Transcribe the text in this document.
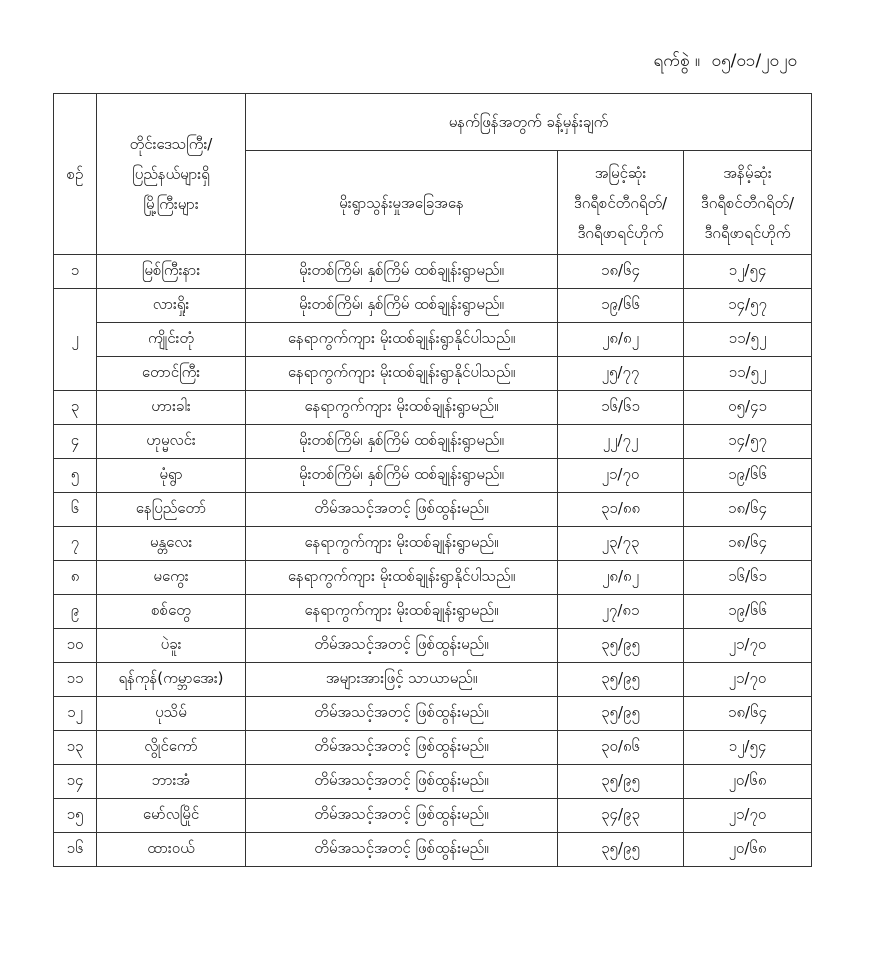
ရက်စွဲ ။ ၀၅/၀၁/၂၀၂၀
စဉ်	တိုင်းဒေသကြီး/
ပြည်နယ်များရှိ
မြို့ကြီးများ	မနက်ဖြန်အတွက် ခန့်မှန်းချက်		
		မိုးရွာသွန်းမှုအခြေအနေ	အမြင့်ဆုံး
ဒီဂရီစင်တီဂရိတ်/
ဒီဂရီဖာရင်ဟိုက်	အနိမ့်ဆုံး
ဒီဂရီစင်တီဂရိတ်/
ဒီဂရီဖာရင်ဟိုက်

၁	မြစ်ကြီးနား	မိုးတစ်ကြိမ်၊ နှစ်ကြိမ် ထစ်ချုန်းရွာမည်။	၁၈/၆၄	၁၂/၅၄
၂	လားရှိုး	မိုးတစ်ကြိမ်၊ နှစ်ကြိမ် ထစ်ချုန်းရွာမည်။	၁၉/၆၆	၁၄/၅၇
	ကျိုင်းတုံ	နေရာကွက်ကျား မိုးထစ်ချုန်းရွာနိုင်ပါသည်။	၂၈/၈၂	၁၁/၅၂
	တောင်ကြီး	နေရာကွက်ကျား မိုးထစ်ချုန်းရွာနိုင်ပါသည်။	၂၅/၇၇	၁၁/၅၂
၃	ဟားခါး	နေရာကွက်ကျား မိုးထစ်ချုန်းရွာမည်။	၁၆/၆၁	၀၅/၄၁
၄	ဟုမ္မလင်း	မိုးတစ်ကြိမ်၊ နှစ်ကြိမ် ထစ်ချုန်းရွာမည်။	၂၂/၇၂	၁၄/၅၇
၅	မုံရွာ	မိုးတစ်ကြိမ်၊ နှစ်ကြိမ် ထစ်ချုန်းရွာမည်။	၂၁/၇၀	၁၉/၆၆
၆	နေပြည်တော်	တိမ်အသင့်အတင့် ဖြစ်ထွန်းမည်။	၃၁/၈၈	၁၈/၆၄
၇	မန္တလေး	နေရာကွက်ကျား မိုးထစ်ချုန်းရွာမည်။	၂၃/၇၃	၁၈/၆၄
၈	မကွေး	နေရာကွက်ကျား မိုးထစ်ချုန်းရွာနိုင်ပါသည်။	၂၈/၈၂	၁၆/၆၁
၉	စစ်တွေ	နေရာကွက်ကျား မိုးထစ်ချုန်းရွာမည်။	၂၇/၈၁	၁၉/၆၆
၁၀	ပဲခူး	တိမ်အသင့်အတင့် ဖြစ်ထွန်းမည်။	၃၅/၉၅	၂၁/၇၀
၁၁	ရန်ကုန်(ကမ္ဘာအေး)	အများအားဖြင့် သာယာမည်။	၃၅/၉၅	၂၁/၇၀
၁၂	ပုသိမ်	တိမ်အသင့်အတင့် ဖြစ်ထွန်းမည်။	၃၅/၉၅	၁၈/၆၄
၁၃	လွိုင်ကော်	တိမ်အသင့်အတင့် ဖြစ်ထွန်းမည်။	၃၀/၈၆	၁၂/၅၄
၁၄	ဘားအံ	တိမ်အသင့်အတင့် ဖြစ်ထွန်းမည်။	၃၅/၉၅	၂၀/၆၈
၁၅	မော်လမြိုင်	တိမ်အသင့်အတင့် ဖြစ်ထွန်းမည်။	၃၄/၉၃	၂၁/၇၀
၁၆	ထားဝယ်	တိမ်အသင့်အတင့် ဖြစ်ထွန်းမည်။	၃၅/၉၅	၂၀/၆၈
